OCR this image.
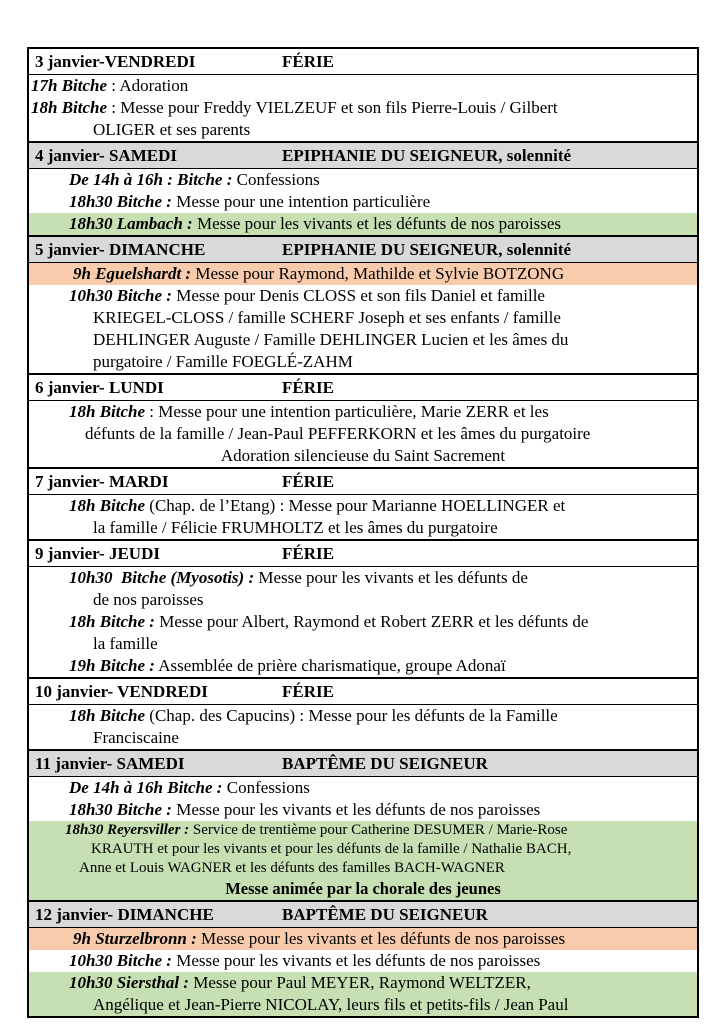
3 janvier-VENDREDI	FÉRIE
17h Bitche : Adoration
18h Bitche : Messe pour Freddy VIELZEUF et son fils Pierre-Louis / Gilbert
OLIGER et ses parents
4 janvier- SAMEDI	EPIPHANIE DU SEIGNEUR, solennité
De 14h à 16h : Bitche : Confessions
18h30 Bitche : Messe pour une intention particulière
18h30 Lambach : Messe pour les vivants et les défunts de nos paroisses
5 janvier- DIMANCHE	EPIPHANIE DU SEIGNEUR, solennité
9h Eguelshardt : Messe pour Raymond, Mathilde et Sylvie BOTZONG
10h30 Bitche : Messe pour Denis CLOSS et son fils Daniel et famille
KRIEGEL-CLOSS / famille SCHERF Joseph et ses enfants / famille
DEHLINGER Auguste / Famille DEHLINGER Lucien et les âmes du
purgatoire / Famille FOEGLÉ-ZAHM
6 janvier- LUNDI	FÉRIE
18h Bitche : Messe pour une intention particulière, Marie ZERR et les
défunts de la famille / Jean-Paul PEFFERKORN et les âmes du purgatoire
Adoration silencieuse du Saint Sacrement
7 janvier- MARDI	FÉRIE
18h Bitche (Chap. de l’Etang) : Messe pour Marianne HOELLINGER et
la famille / Félicie FRUMHOLTZ et les âmes du purgatoire
9 janvier- JEUDI	FÉRIE
10h30  Bitche (Myosotis) : Messe pour les vivants et les défunts de
de nos paroisses
18h Bitche : Messe pour Albert, Raymond et Robert ZERR et les défunts de
la famille
19h Bitche : Assemblée de prière charismatique, groupe Adonaï
10 janvier- VENDREDI	FÉRIE
18h Bitche (Chap. des Capucins) : Messe pour les défunts de la Famille
Franciscaine
11 janvier- SAMEDI	BAPTÊME DU SEIGNEUR
De 14h à 16h Bitche : Confessions
18h30 Bitche : Messe pour les vivants et les défunts de nos paroisses
18h30 Reyersviller : Service de trentième pour Catherine DESUMER / Marie-Rose
KRAUTH et pour les vivants et pour les défunts de la famille / Nathalie BACH,
Anne et Louis WAGNER et les défunts des familles BACH-WAGNER
Messe animée par la chorale des jeunes
12 janvier- DIMANCHE	BAPTÊME DU SEIGNEUR
9h Sturzelbronn : Messe pour les vivants et les défunts de nos paroisses
10h30 Bitche : Messe pour les vivants et les défunts de nos paroisses
10h30 Siersthal : Messe pour Paul MEYER, Raymond WELTZER,
Angélique et Jean-Pierre NICOLAY, leurs fils et petits-fils / Jean Paul
